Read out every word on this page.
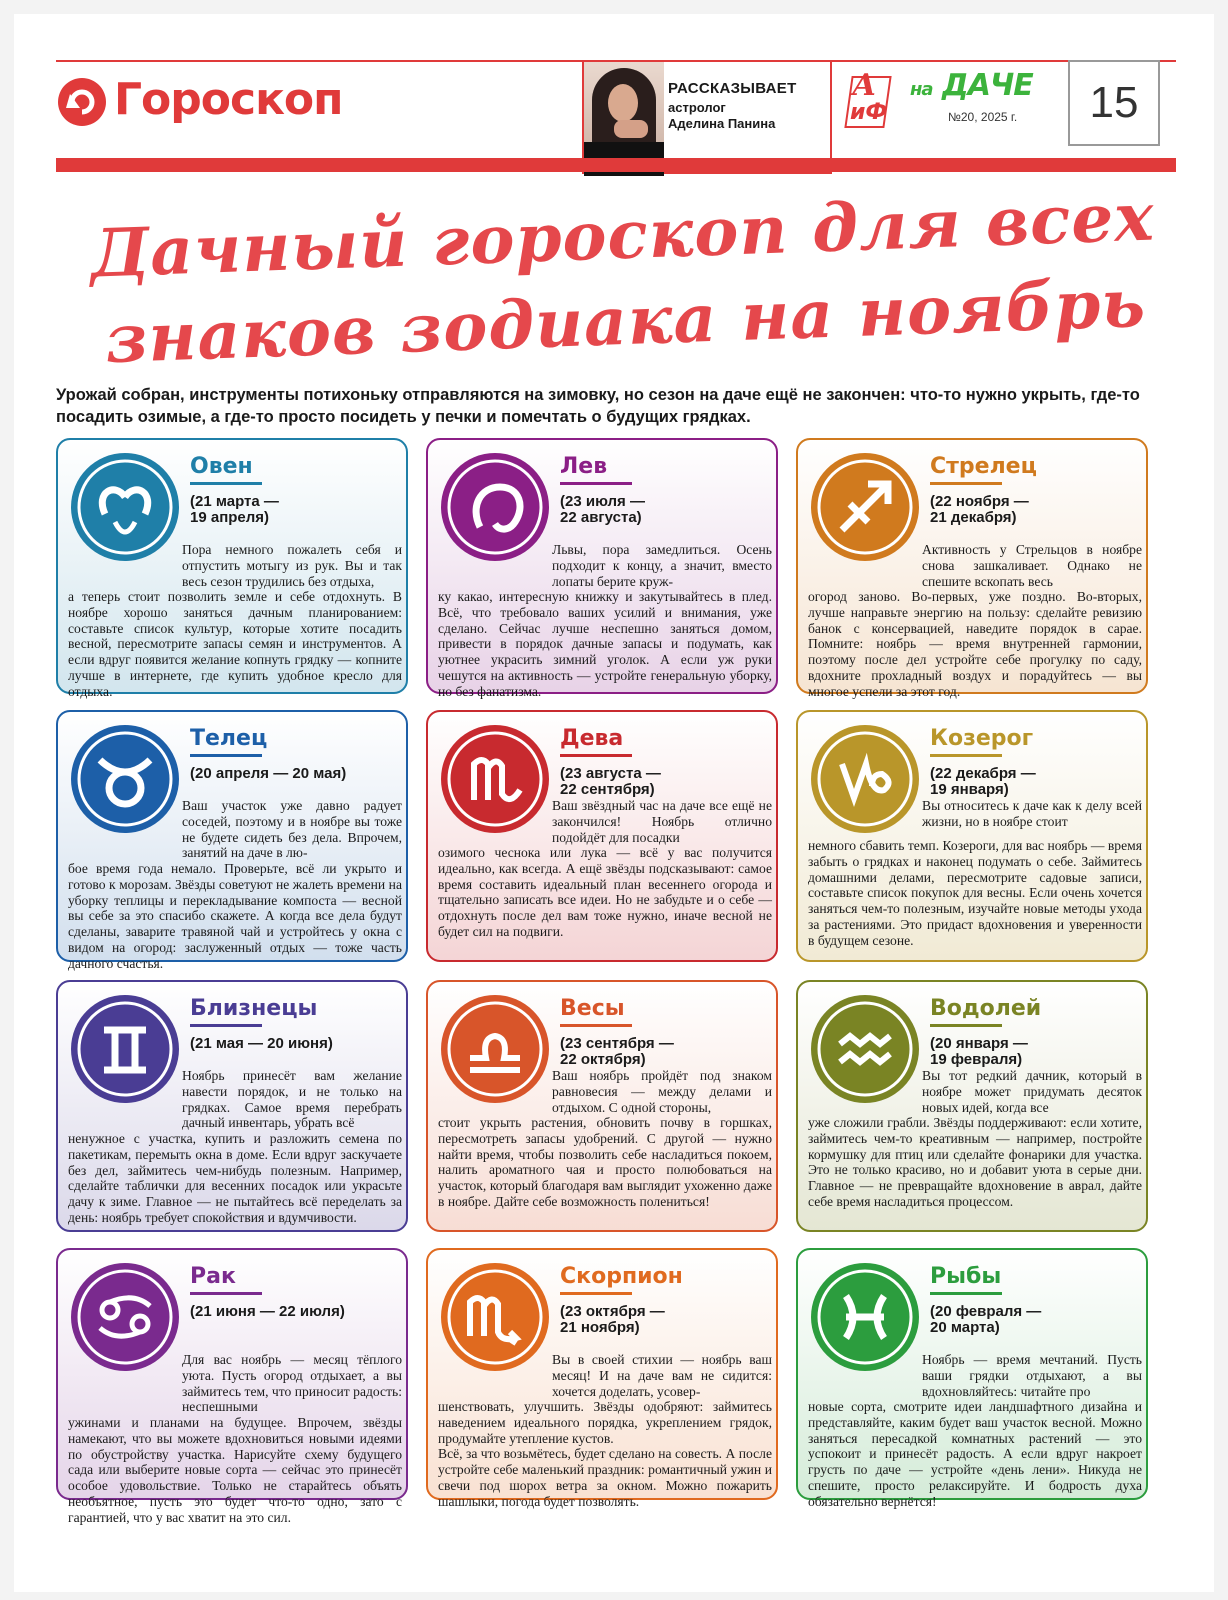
Гороскоп	РАССКАЗЫВАЕТ
астролог
Аделина Панина
А
иФ
на ДАЧЕ
№20, 2025 г.	15
Дачный гороскоп для всех знаков зодиака на ноябрь
Урожай собран, инструменты потихоньку отправляются на зимовку, но сезон на даче ещё не закончен: что-то нужно укрыть, где-то посадить озимые, а где-то просто посидеть у печки и помечтать о будущих грядках.
Овен
(21 марта —
19 апреля)
Пора немного пожалеть себя и отпустить мотыгу из рук. Вы и так весь сезон трудились без отдыха,
а теперь стоит позволить земле и себе отдохнуть. В ноябре хорошо заняться дачным планированием: составьте список культур, которые хотите посадить весной, пересмотрите запасы семян и инструментов. А если вдруг появится желание копнуть грядку — копните лучше в интернете, где купить удобное кресло для отдыха.
Лев
(23 июля —
22 августа)
Львы, пора замедлиться. Осень подходит к концу, а значит, вместо лопаты берите круж-
ку какао, интересную книжку и закутывайтесь в плед. Всё, что требовало ваших усилий и внимания, уже сделано. Сейчас лучше неспешно заняться домом, привести в порядок дачные запасы и подумать, как уютнее украсить зимний уголок. А если уж руки чешутся на активность — устройте генеральную уборку, но без фанатизма.
Стрелец
(22 ноября —
21 декабря)
Активность у Стрельцов в ноябре снова зашкаливает. Однако не спешите вскопать весь
огород заново. Во-первых, уже поздно. Во-вторых, лучше направьте энергию на пользу: сделайте ревизию банок с консервацией, наведите порядок в сарае. Помните: ноябрь — время внутренней гармонии, поэтому после дел устройте себе прогулку по саду, вдохните прохладный воздух и порадуйтесь — вы многое успели за этот год.
Телец
(20 апреля — 20 мая)
Ваш участок уже давно радует соседей, поэтому и в ноябре вы тоже не будете сидеть без дела. Впрочем, занятий на даче в лю-
бое время года немало. Проверьте, всё ли укрыто и готово к морозам. Звёзды советуют не жалеть времени на уборку теплицы и перекладывание компоста — весной вы себе за это спасибо скажете. А когда все дела будут сделаны, заварите травяной чай и устройтесь у окна с видом на огород: заслуженный отдых — тоже часть дачного счастья.
Дева
(23 августа —
22 сентября)
Ваш звёздный час на даче все ещё не закончился! Ноябрь отлично подойдёт для посадки
озимого чеснока или лука — всё у вас получится идеально, как всегда. А ещё звёзды подсказывают: самое время составить идеальный план весеннего огорода и тщательно записать все идеи. Но не забудьте и о себе — отдохнуть после дел вам тоже нужно, иначе весной не будет сил на подвиги.
Козерог
(22 декабря —
19 января)
Вы относитесь к даче как к делу всей жизни, но в ноябре стоит
немного сбавить темп. Козероги, для вас ноябрь — время забыть о грядках и наконец подумать о себе. Займитесь домашними делами, пересмотрите садовые записи, составьте список покупок для весны. Если очень хочется заняться чем-то полезным, изучайте новые методы ухода за растениями. Это придаст вдохновения и уверенности в будущем сезоне.
Близнецы
(21 мая — 20 июня)
Ноябрь принесёт вам желание навести порядок, и не только на грядках. Самое время перебрать дачный инвентарь, убрать всё
ненужное с участка, купить и разложить семена по пакетикам, перемыть окна в доме. Если вдруг заскучаете без дел, займитесь чем-нибудь полезным. Например, сделайте таблички для весенних посадок или украсьте дачу к зиме. Главное — не пытайтесь всё переделать за день: ноябрь требует спокойствия и вдумчивости.
Весы
(23 сентября —
22 октября)
Ваш ноябрь пройдёт под знаком равновесия — между делами и отдыхом. С одной стороны,
стоит укрыть растения, обновить почву в горшках, пересмотреть запасы удобрений. С другой — нужно найти время, чтобы позволить себе насладиться покоем, налить ароматного чая и просто полюбоваться на участок, который благодаря вам выглядит ухоженно даже в ноябре. Дайте себе возможность полениться!
Водолей
(20 января —
19 февраля)
Вы тот редкий дачник, который в ноябре может придумать десяток новых идей, когда все
уже сложили грабли. Звёзды поддерживают: если хотите, займитесь чем-то креативным — например, постройте кормушку для птиц или сделайте фонарики для участка. Это не только красиво, но и добавит уюта в серые дни. Главное — не превращайте вдохновение в аврал, дайте себе время насладиться процессом.
Рак
(21 июня — 22 июля)
Для вас ноябрь — месяц тёплого уюта. Пусть огород отдыхает, а вы займитесь тем, что приносит радость: неспешными
ужинами и планами на будущее. Впрочем, звёзды намекают, что вы можете вдохновиться новыми идеями по обустройству участка. Нарисуйте схему будущего сада или выберите новые сорта — сейчас это принесёт особое удовольствие. Только не старайтесь объять необъятное, пусть это будет что-то одно, зато с гарантией, что у вас хватит на это сил.
Скорпион
(23 октября —
21 ноября)
Вы в своей стихии — ноябрь ваш месяц! И на даче вам не сидится: хочется доделать, усовер-
шенствовать, улучшить. Звёзды одобряют: займитесь наведением идеального порядка, укреплением грядок, продумайте утепление кустов.
Всё, за что возьмётесь, будет сделано на совесть. А после устройте себе маленький праздник: романтичный ужин и свечи под шорох ветра за окном. Можно пожарить шашлыки, погода будет позволять.
Рыбы
(20 февраля —
20 марта)
Ноябрь — время мечтаний. Пусть ваши грядки отдыхают, а вы вдохновляйтесь: читайте про
новые сорта, смотрите идеи ландшафтного дизайна и представляйте, каким будет ваш участок весной. Можно заняться пересадкой комнатных растений — это успокоит и принесёт радость. А если вдруг накроет грусть по даче — устройте «день лени». Никуда не спешите, просто релаксируйте. И бодрость духа обязательно вернётся!
